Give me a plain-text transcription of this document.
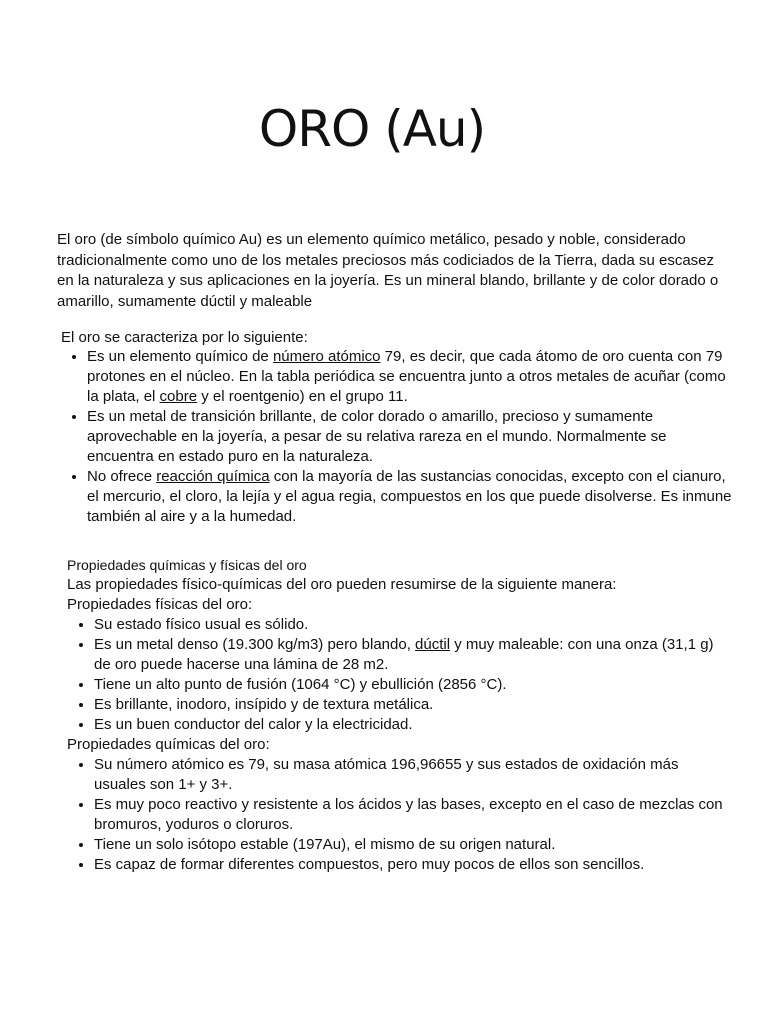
ORO (Au)

El oro (de símbolo químico Au) es un elemento químico metálico, pesado y noble, considerado tradicionalmente como uno de los metales preciosos más codiciados de la Tierra, dada su escasez en la naturaleza y sus aplicaciones en la joyería. Es un mineral blando, brillante y de color dorado o amarillo, sumamente dúctil y maleable

El oro se caracteriza por lo siguiente:

• Es un elemento químico de número atómico 79, es decir, que cada átomo de oro cuenta con 79 protones en el núcleo. En la tabla periódica se encuentra junto a otros metales de acuñar (como la plata, el cobre y el roentgenio) en el grupo 11.
• Es un metal de transición brillante, de color dorado o amarillo, precioso y sumamente aprovechable en la joyería, a pesar de su relativa rareza en el mundo. Normalmente se encuentra en estado puro en la naturaleza.
• No ofrece reacción química con la mayoría de las sustancias conocidas, excepto con el cianuro, el mercurio, el cloro, la lejía y el agua regia, compuestos en los que puede disolverse. Es inmune también al aire y a la humedad.

Propiedades químicas y físicas del oro

Las propiedades físico-químicas del oro pueden resumirse de la siguiente manera:

Propiedades físicas del oro:

• Su estado físico usual es sólido.
• Es un metal denso (19.300 kg/m3) pero blando, dúctil y muy maleable: con una onza (31,1 g) de oro puede hacerse una lámina de 28 m2.
• Tiene un alto punto de fusión (1064 °C) y ebullición (2856 °C).
• Es brillante, inodoro, insípido y de textura metálica.
• Es un buen conductor del calor y la electricidad.

Propiedades químicas del oro:

• Su número atómico es 79, su masa atómica 196,96655 y sus estados de oxidación más usuales son 1+ y 3+.
• Es muy poco reactivo y resistente a los ácidos y las bases, excepto en el caso de mezclas con bromuros, yoduros o cloruros.
• Tiene un solo isótopo estable (197Au), el mismo de su origen natural.
• Es capaz de formar diferentes compuestos, pero muy pocos de ellos son sencillos.
